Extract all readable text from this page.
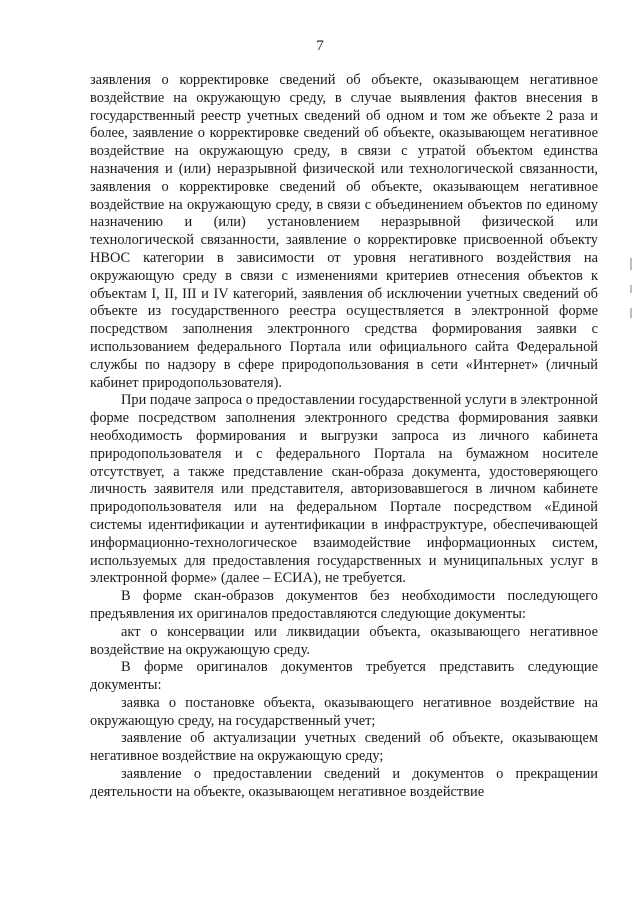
7

заявления о корректировке сведений об объекте, оказывающем негативное воздействие на окружающую среду, в случае выявления фактов внесения в государственный реестр учетных сведений об одном и том же объекте 2 раза и более, заявление о корректировке сведений об объекте, оказывающем негативное воздействие на окружающую среду, в связи с утратой объектом единства назначения и (или) неразрывной физической или технологической связанности, заявления о корректировке сведений об объекте, оказывающем негативное воздействие на окружающую среду, в связи с объединением объектов по единому назначению и (или) установлением неразрывной физической или технологической связанности, заявление о корректировке присвоенной объекту НВОС категории в зависимости от уровня негативного воздействия на окружающую среду в связи с изменениями критериев отнесения объектов к объектам I, II, III и IV категорий, заявления об исключении учетных сведений об объекте из государственного реестра осуществляется в электронной форме посредством заполнения электронного средства формирования заявки с использованием федерального Портала или официального сайта Федеральной службы по надзору в сфере природопользования в сети «Интернет» (личный кабинет природопользователя).

При подаче запроса о предоставлении государственной услуги в электронной форме посредством заполнения электронного средства формирования заявки необходимость формирования и выгрузки запроса из личного кабинета природопользователя и с федерального Портала на бумажном носителе отсутствует, а также представление скан-образа документа, удостоверяющего личность заявителя или представителя, авторизовавшегося в личном кабинете природопользователя или на федеральном Портале посредством «Единой системы идентификации и аутентификации в инфраструктуре, обеспечивающей информационно-технологическое взаимодействие информационных систем, используемых для предоставления государственных и муниципальных услуг в электронной форме» (далее – ЕСИА), не требуется.

В форме скан-образов документов без необходимости последующего предъявления их оригиналов предоставляются следующие документы:

акт о консервации или ликвидации объекта, оказывающего негативное воздействие на окружающую среду.

В форме оригиналов документов требуется представить следующие документы:

заявка о постановке объекта, оказывающего негативное воздействие на окружающую среду, на государственный учет;

заявление об актуализации учетных сведений об объекте, оказывающем негативное воздействие на окружающую среду;

заявление о предоставлении сведений и документов о прекращении деятельности на объекте, оказывающем негативное воздействие
